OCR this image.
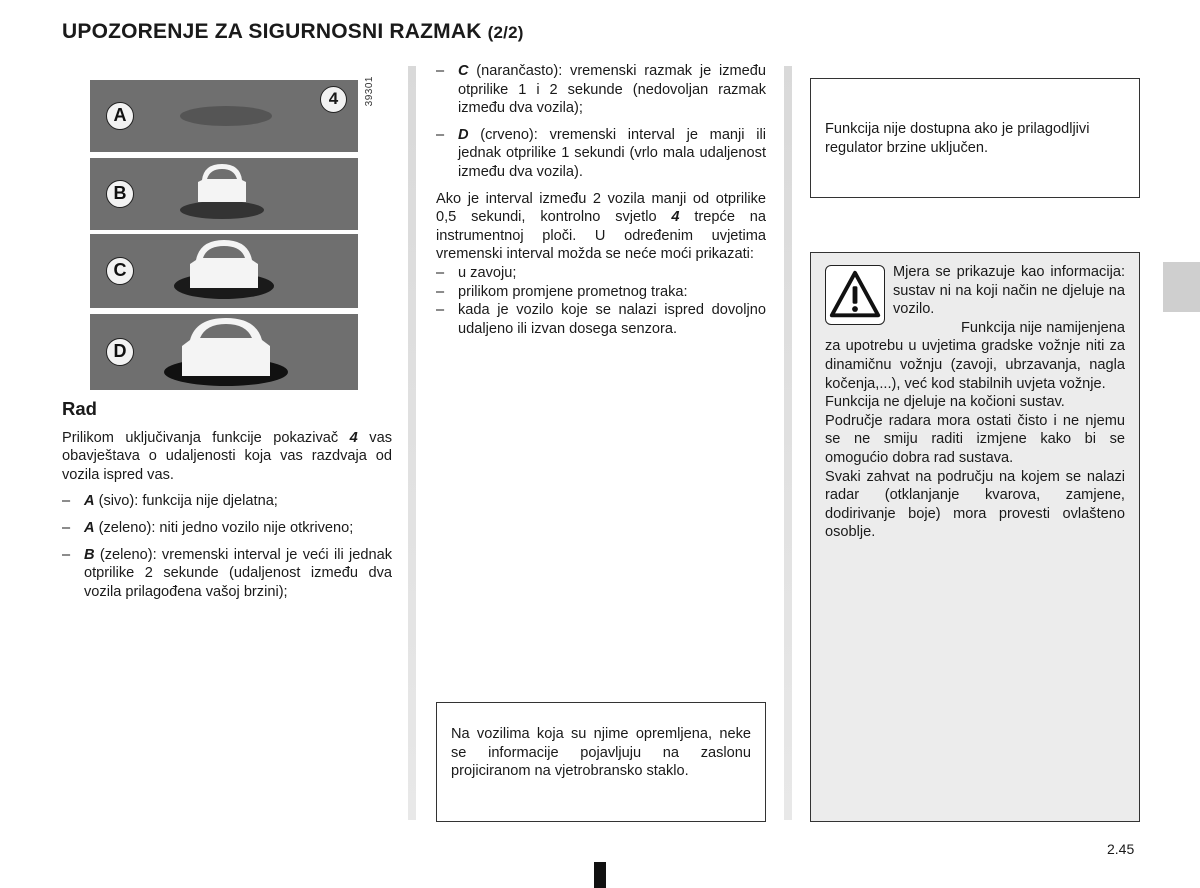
UPOZORENJE ZA SIGURNOSNI RAZMAK (2/2)
A
4
B
C
D
39301
Rad
Prilikom uključivanja funkcije pokazivač 4 vas obavještava o udaljenosti koja vas razdvaja od vozila ispred vas.
– A (sivo): funkcija nije djelatna;
– A (zeleno): niti jedno vozilo nije otkriveno;
– B (zeleno): vremenski interval je veći ili jednak otprilike 2 sekunde (udaljenost između dva vozila prilagođena vašoj brzini);
– C (narančasto): vremenski razmak je između otprilike 1 i 2 sekunde (nedovoljan razmak između dva vozila);
– D (crveno): vremenski interval je manji ili jednak otprilike 1 sekundi (vrlo mala udaljenost između dva vozila).
Ako je interval između 2 vozila manji od otprilike 0,5 sekundi, kontrolno svjetlo 4 trepće na instrumentnoj ploči. U određenim uvjetima vremenski interval možda se neće moći prikazati:
– u zavoju;
– prilikom promjene prometnog traka:
– kada je vozilo koje se nalazi ispred dovoljno udaljeno ili izvan dosega senzora.
Na vozilima koja su njime opremljena, neke se informacije pojavljuju na zaslonu projiciranom na vjetrobransko staklo.
Funkcija nije dostupna ako je prilagodljivi regulator brzine uključen.

Mjera se prikazuje kao informacija: sustav ni na koji način ne djeluje na vozilo.

Funkcija nije namijenjena za upotrebu u uvjetima gradske vožnje niti za dinamičnu vožnju (zavoji, ubrzavanja, nagla kočenja,...), već kod stabilnih uvjeta vožnje.

Funkcija ne djeluje na kočioni sustav.

Područje radara mora ostati čisto i ne njemu se ne smiju raditi izmjene kako bi se omogućio dobra rad sustava.

Svaki zahvat na području na kojem se nalazi radar (otklanjanje kvarova, zamjene, dodirivanje boje) mora provesti ovlašteno osoblje.

2.45
